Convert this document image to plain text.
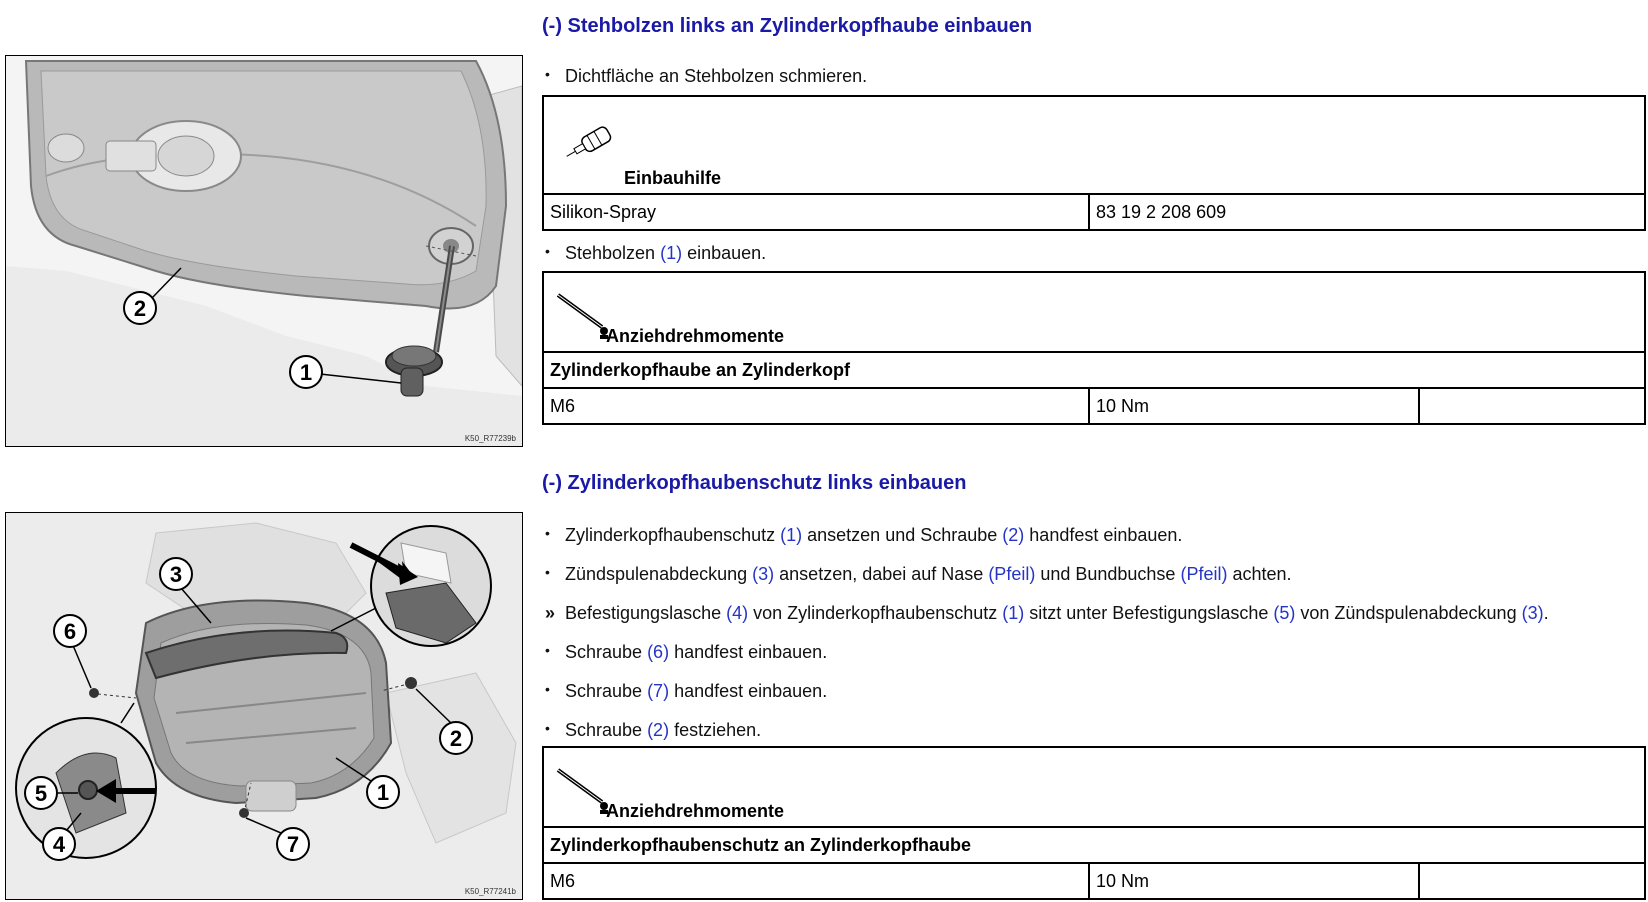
2
1
K50_R77239b
(-) Stehbolzen links an Zylinderkopfhaube einbauen
• Dichtfläche an Stehbolzen schmieren.
Einbauhilfe

Silikon-Spray	83 19 2 208 609
• Stehbolzen (1) einbauen.
Anziehdrehmomente

Zylinderkopfhaube an Zylinderkopf
M6	10 Nm	
3
6
2
1
5
4	7
K50_R77241b
(-) Zylinderkopfhaubenschutz links einbauen
• Zylinderkopfhaubenschutz (1) ansetzen und Schraube (2) handfest einbauen.
• Zündspulenabdeckung (3) ansetzen, dabei auf Nase (Pfeil) und Bundbuchse (Pfeil) achten.
» Befestigungslasche (4) von Zylinderkopfhaubenschutz (1) sitzt unter Befestigungslasche (5) von Zündspulenabdeckung (3).
• Schraube (6) handfest einbauen.
• Schraube (7) handfest einbauen.
• Schraube (2) festziehen.
Anziehdrehmomente

Zylinderkopfhaubenschutz an Zylinderkopfhaube
M6	10 Nm	
